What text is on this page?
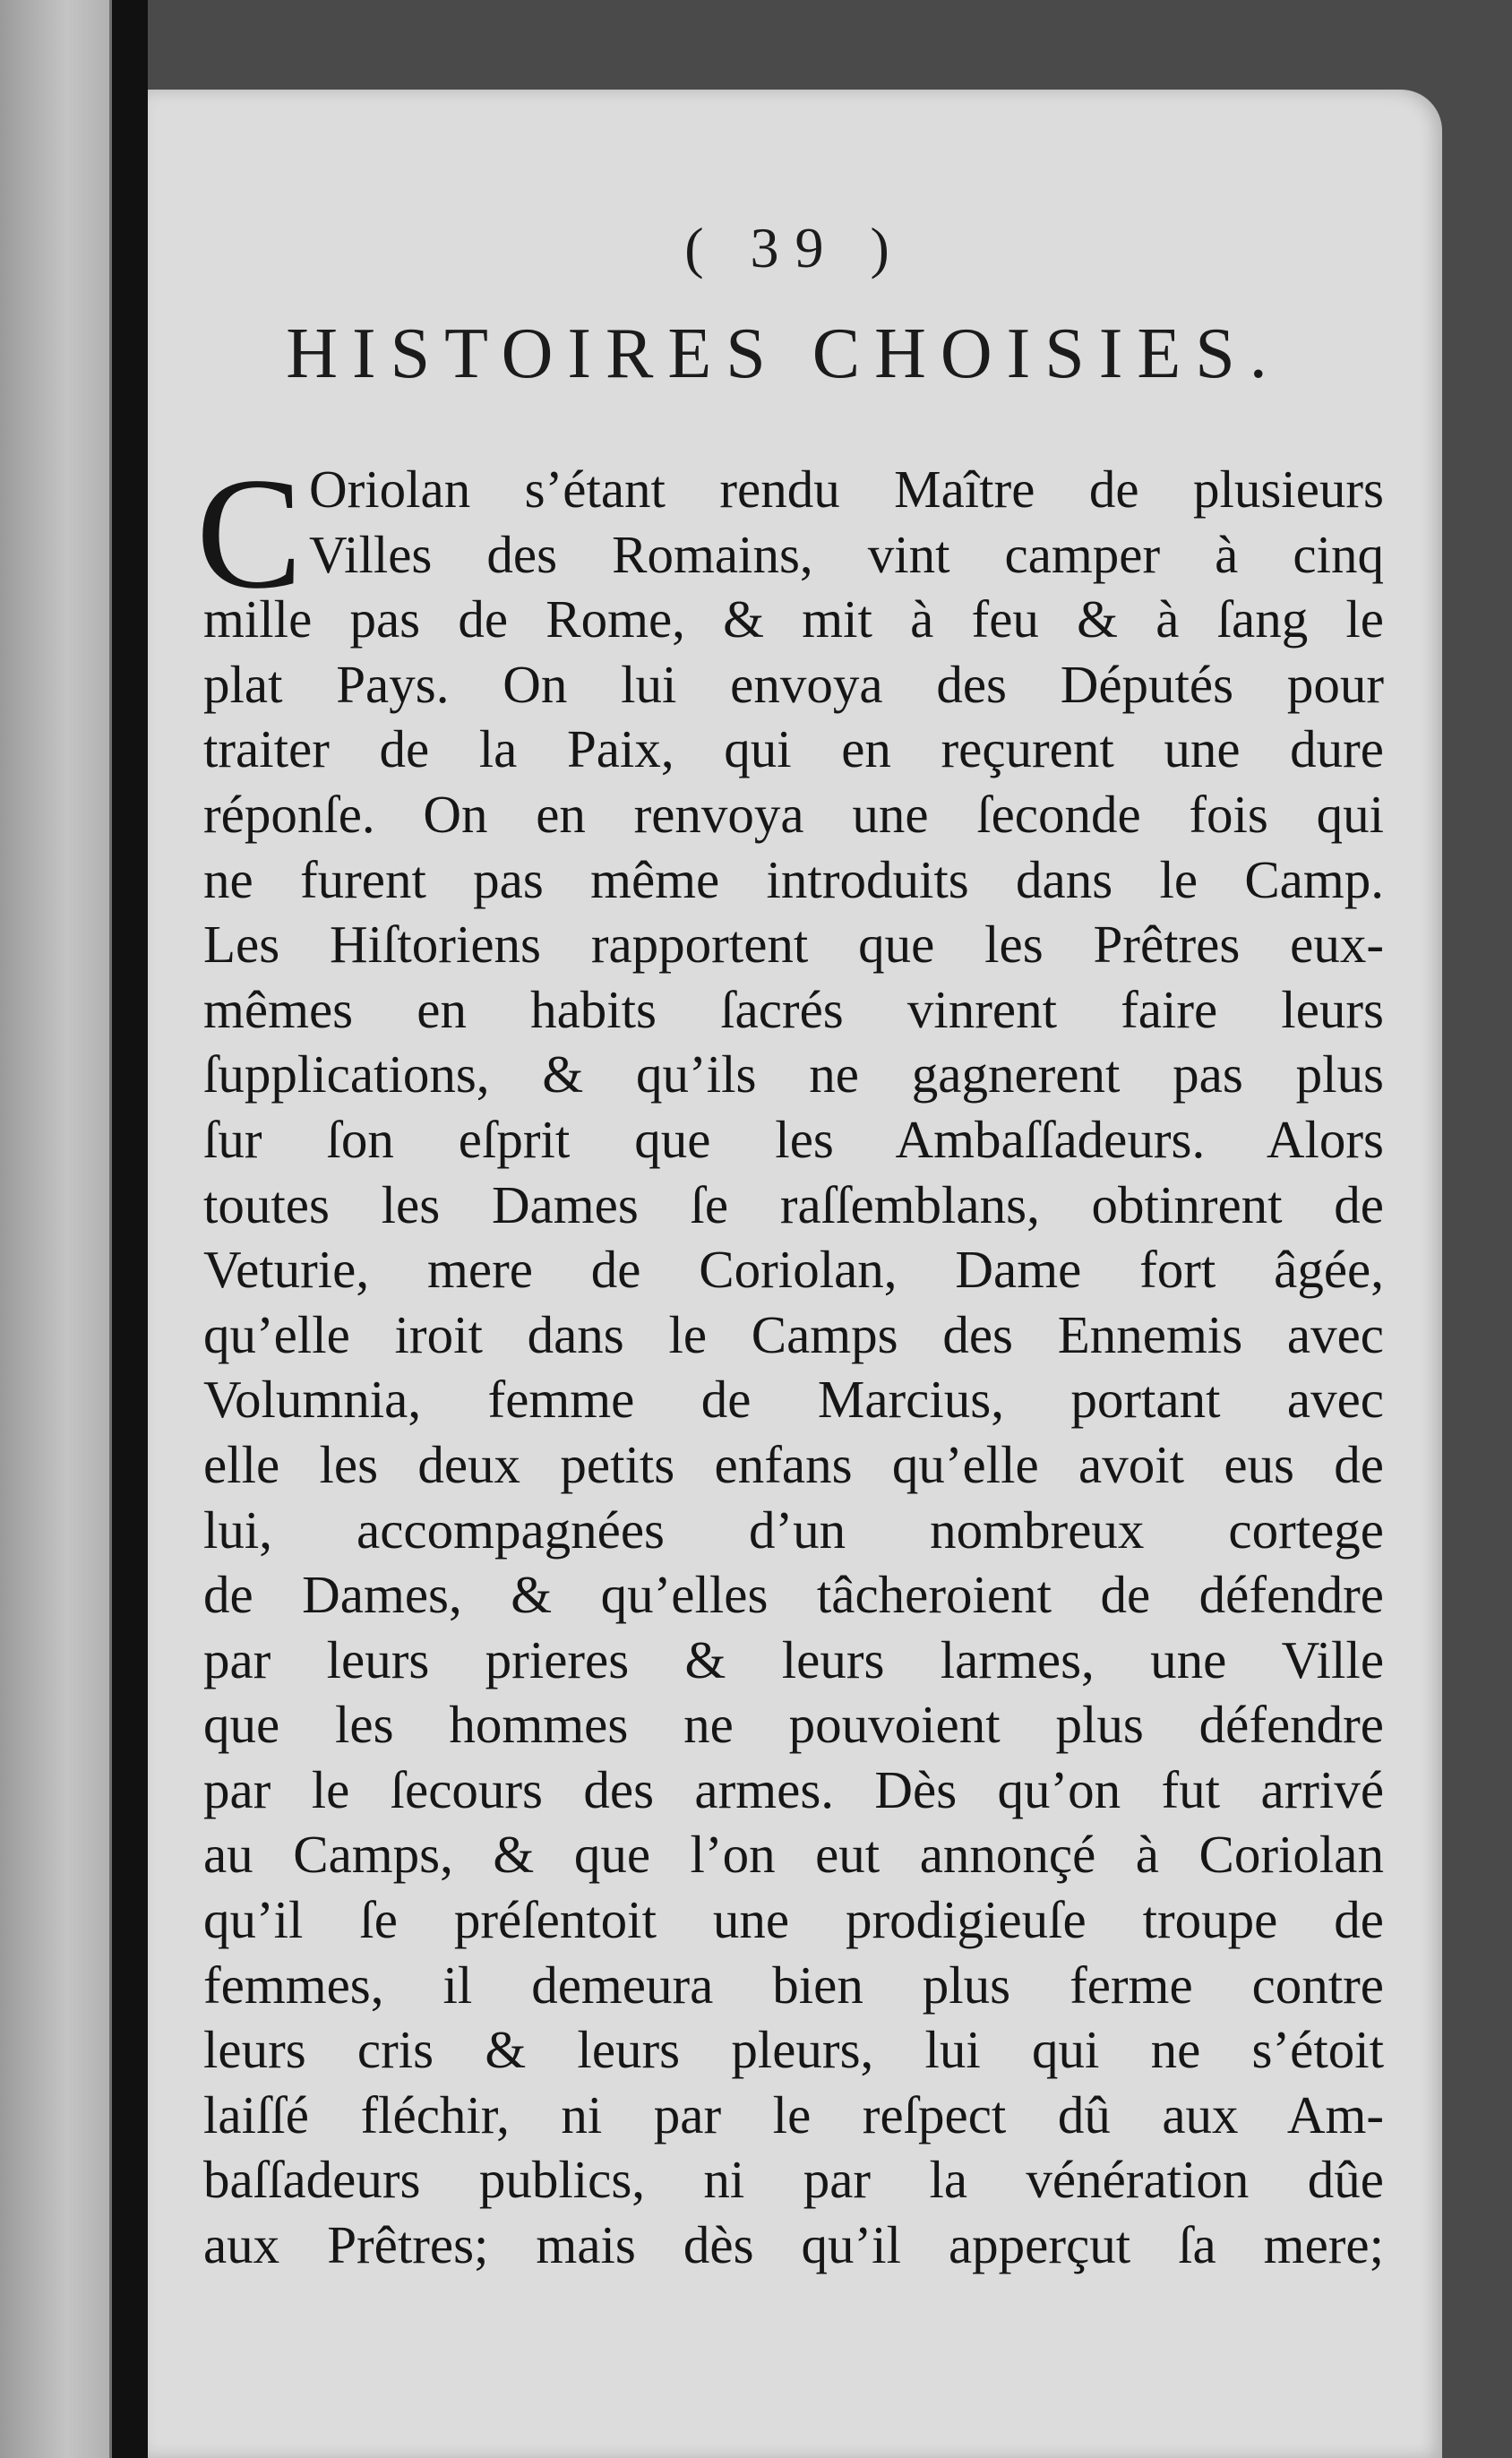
( 39 )
HISTOIRES CHOISIES.
C Oriolan s’étant rendu Maître de plusieurs
Villes des Romains, vint camper à cinq
mille pas de Rome, & mit à feu & à ſang le
plat Pays. On lui envoya des Députés pour
traiter de la Paix, qui en reçurent une dure
réponſe. On en renvoya une ſeconde fois qui
ne furent pas même introduits dans le Camp.
Les Hiſtoriens rapportent que les Prêtres eux-
mêmes en habits ſacrés vinrent faire leurs
ſupplications, & qu’ils ne gagnerent pas plus
ſur ſon eſprit que les Ambaſſadeurs. Alors
toutes les Dames ſe raſſemblans, obtinrent de
Veturie, mere de Coriolan, Dame fort âgée,
qu’elle iroit dans le Camps des Ennemis avec
Volumnia, femme de Marcius, portant avec
elle les deux petits enfans qu’elle avoit eus de
lui, accompagnées d’un nombreux cortege
de Dames, & qu’elles tâcheroient de défendre
par leurs prieres & leurs larmes, une Ville
que les hommes ne pouvoient plus défendre
par le ſecours des armes. Dès qu’on fut arrivé
au Camps, & que l’on eut annonçé à Coriolan
qu’il ſe préſentoit une prodigieuſe troupe de
femmes, il demeura bien plus ferme contre
leurs cris & leurs pleurs, lui qui ne s’étoit
laiſſé fléchir, ni par le reſpect dû aux Am-
baſſadeurs publics, ni par la vénération dûe
aux Prêtres; mais dès qu’il apperçut ſa mere;
